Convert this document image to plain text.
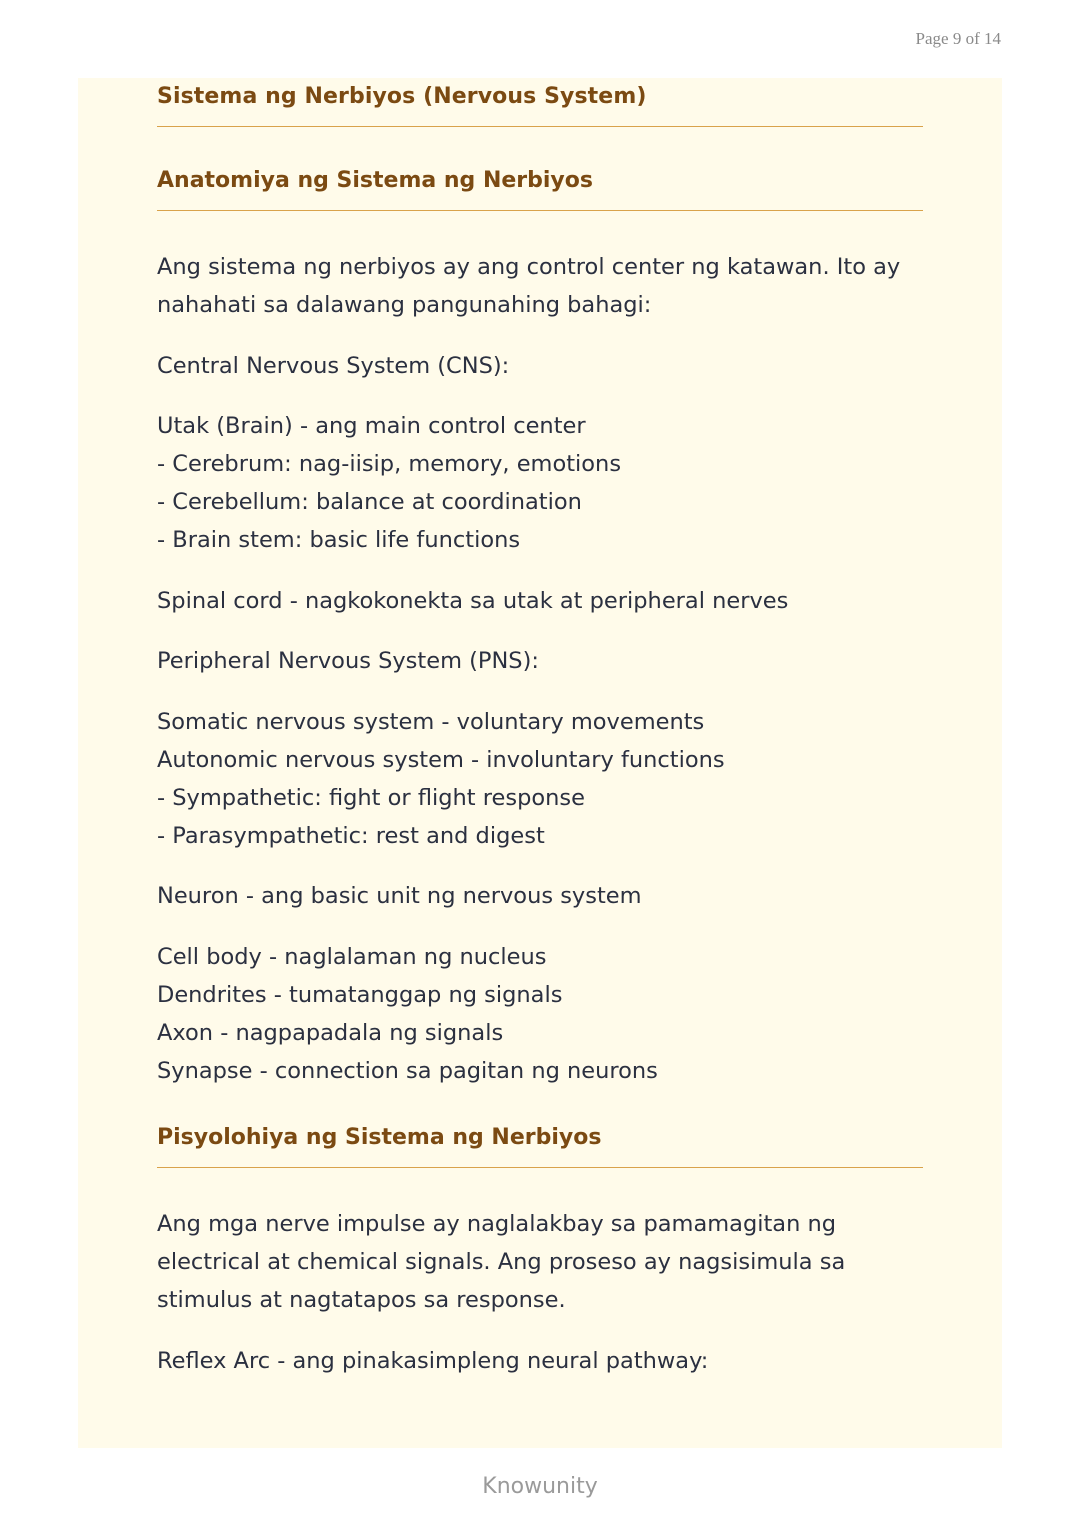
Page 9 of 14
Sistema ng Nerbiyos (Nervous System)
Anatomiya ng Sistema ng Nerbiyos
Ang sistema ng nerbiyos ay ang control center ng katawan. Ito ay
nahahati sa dalawang pangunahing bahagi:
Central Nervous System (CNS):
Utak (Brain) - ang main control center
- Cerebrum: nag-iisip, memory, emotions
- Cerebellum: balance at coordination
- Brain stem: basic life functions
Spinal cord - nagkokonekta sa utak at peripheral nerves
Peripheral Nervous System (PNS):
Somatic nervous system - voluntary movements
Autonomic nervous system - involuntary functions
- Sympathetic: fight or flight response
- Parasympathetic: rest and digest
Neuron - ang basic unit ng nervous system
Cell body - naglalaman ng nucleus
Dendrites - tumatanggap ng signals
Axon - nagpapadala ng signals
Synapse - connection sa pagitan ng neurons
Pisyolohiya ng Sistema ng Nerbiyos
Ang mga nerve impulse ay naglalakbay sa pamamagitan ng
electrical at chemical signals. Ang proseso ay nagsisimula sa
stimulus at nagtatapos sa response.
Reflex Arc - ang pinakasimpleng neural pathway:
Knowunity
